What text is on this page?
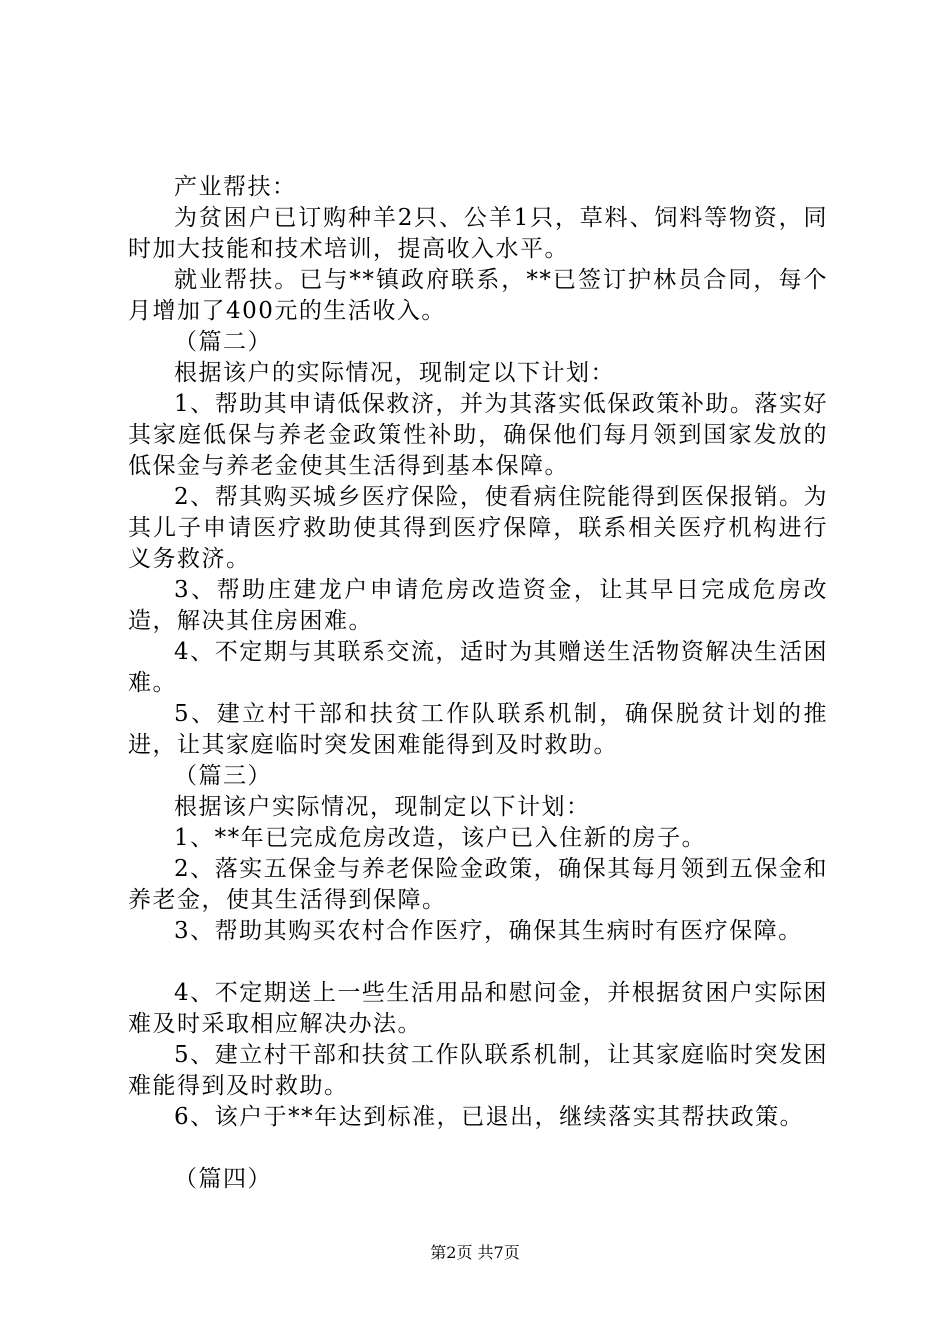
产业帮扶：

为贫困户已订购种羊2只、公羊1只，草料、饲料等物资，同时加大技能和技术培训，提高收入水平。

就业帮扶。已与**镇政府联系，**已签订护林员合同，每个月增加了400元的生活收入。

（篇二）

根据该户的实际情况，现制定以下计划：

1、帮助其申请低保救济，并为其落实低保政策补助。落实好其家庭低保与养老金政策性补助，确保他们每月领到国家发放的低保金与养老金使其生活得到基本保障。

2、帮其购买城乡医疗保险，使看病住院能得到医保报销。为其儿子申请医疗救助使其得到医疗保障，联系相关医疗机构进行义务救济。

3、帮助庄建龙户申请危房改造资金，让其早日完成危房改造，解决其住房困难。

4、不定期与其联系交流，适时为其赠送生活物资解决生活困难。

5、建立村干部和扶贫工作队联系机制，确保脱贫计划的推进，让其家庭临时突发困难能得到及时救助。

（篇三）

根据该户实际情况，现制定以下计划：

1、**年已完成危房改造，该户已入住新的房子。

2、落实五保金与养老保险金政策，确保其每月领到五保金和养老金，使其生活得到保障。

3、帮助其购买农村合作医疗，确保其生病时有医疗保障。

4、不定期送上一些生活用品和慰问金，并根据贫困户实际困难及时采取相应解决办法。

5、建立村干部和扶贫工作队联系机制，让其家庭临时突发困难能得到及时救助。

6、该户于**年达到标准，已退出，继续落实其帮扶政策。

（篇四）

第2页 共7页
